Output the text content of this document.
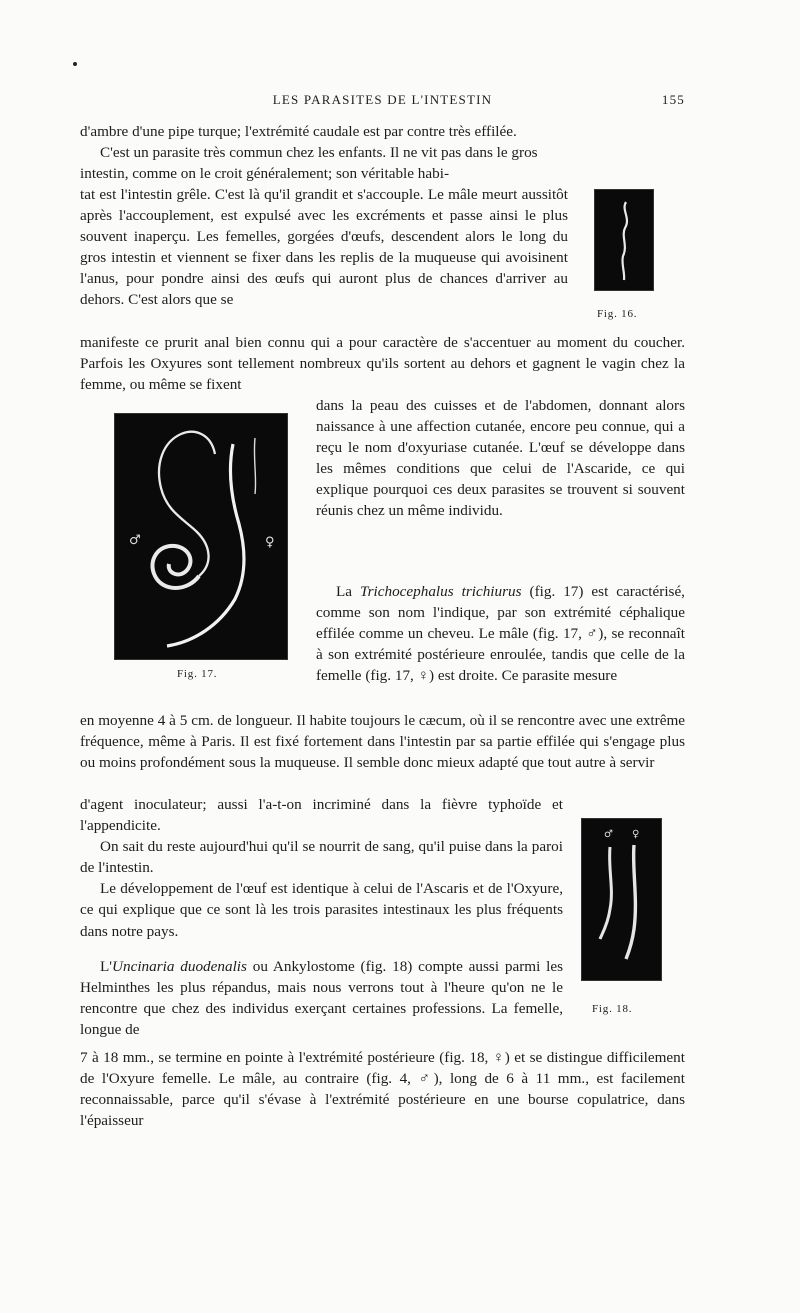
LES PARASITES DE L'INTESTIN	155

d'ambre d'une pipe turque; l'extrémité caudale est par contre très effilée.

C'est un parasite très commun chez les enfants. Il ne vit pas dans le gros

intestin, comme on le croit généralement; son véritable habi-

tat est l'intestin grêle. C'est là qu'il grandit et s'accouple. Le mâle meurt aussitôt après l'accouplement, est expulsé avec les excréments et passe ainsi le plus souvent inaperçu. Les femelles, gorgées d'œufs, descendent alors le long du gros intestin et viennent se fixer dans les replis de la muqueuse qui avoisinent l'anus, pour pondre ainsi des œufs qui auront plus de chances d'arriver au dehors. C'est alors que se

Fig. 16.

manifeste ce prurit anal bien connu qui a pour caractère de s'accentuer au moment du coucher. Parfois les Oxyures sont tellement nombreux qu'ils sortent au dehors et gagnent le vagin chez la femme, ou même se fixent

♂	♀
Fig. 17.

dans la peau des cuisses et de l'abdomen, donnant alors naissance à une affection cutanée, encore peu connue, qui a reçu le nom d'oxyuriase cutanée. L'œuf se développe dans les mêmes conditions que celui de l'Ascaride, ce qui explique pourquoi ces deux parasites se trouvent si souvent réunis chez un même individu.

La Trichocephalus trichiurus (fig. 17) est caractérisé, comme son nom l'indique, par son extrémité céphalique effilée comme un cheveu. Le mâle (fig. 17, ♂), se reconnaît à son extrémité postérieure enroulée, tandis que celle de la femelle (fig. 17, ♀) est droite. Ce parasite mesure

en moyenne 4 à 5 cm. de longueur. Il habite toujours le cæcum, où il se rencontre avec une extrême fréquence, même à Paris. Il est fixé fortement dans l'intestin par sa partie effilée qui s'engage plus ou moins profondément sous la muqueuse. Il semble donc mieux adapté que tout autre à servir

d'agent inoculateur; aussi l'a-t-on incriminé dans la fièvre typhoïde et l'appendicite.

On sait du reste aujourd'hui qu'il se nourrit de sang, qu'il puise dans la paroi de l'intestin.

Le développement de l'œuf est identique à celui de l'Ascaris et de l'Oxyure, ce qui explique que ce sont là les trois parasites intestinaux les plus fréquents dans notre pays.

L'Uncinaria duodenalis ou Ankylostome (fig. 18) compte aussi parmi les Helminthes les plus répandus, mais nous verrons tout à l'heure qu'on ne le rencontre que chez des individus exerçant certaines professions. La femelle, longue de

♂ ♀
Fig. 18.

7 à 18 mm., se termine en pointe à l'extrémité postérieure (fig. 18, ♀) et se distingue difficilement de l'Oxyure femelle. Le mâle, au contraire (fig. 4, ♂), long de 6 à 11 mm., est facilement reconnaissable, parce qu'il s'évase à l'extrémité postérieure en une bourse copulatrice, dans l'épaisseur
